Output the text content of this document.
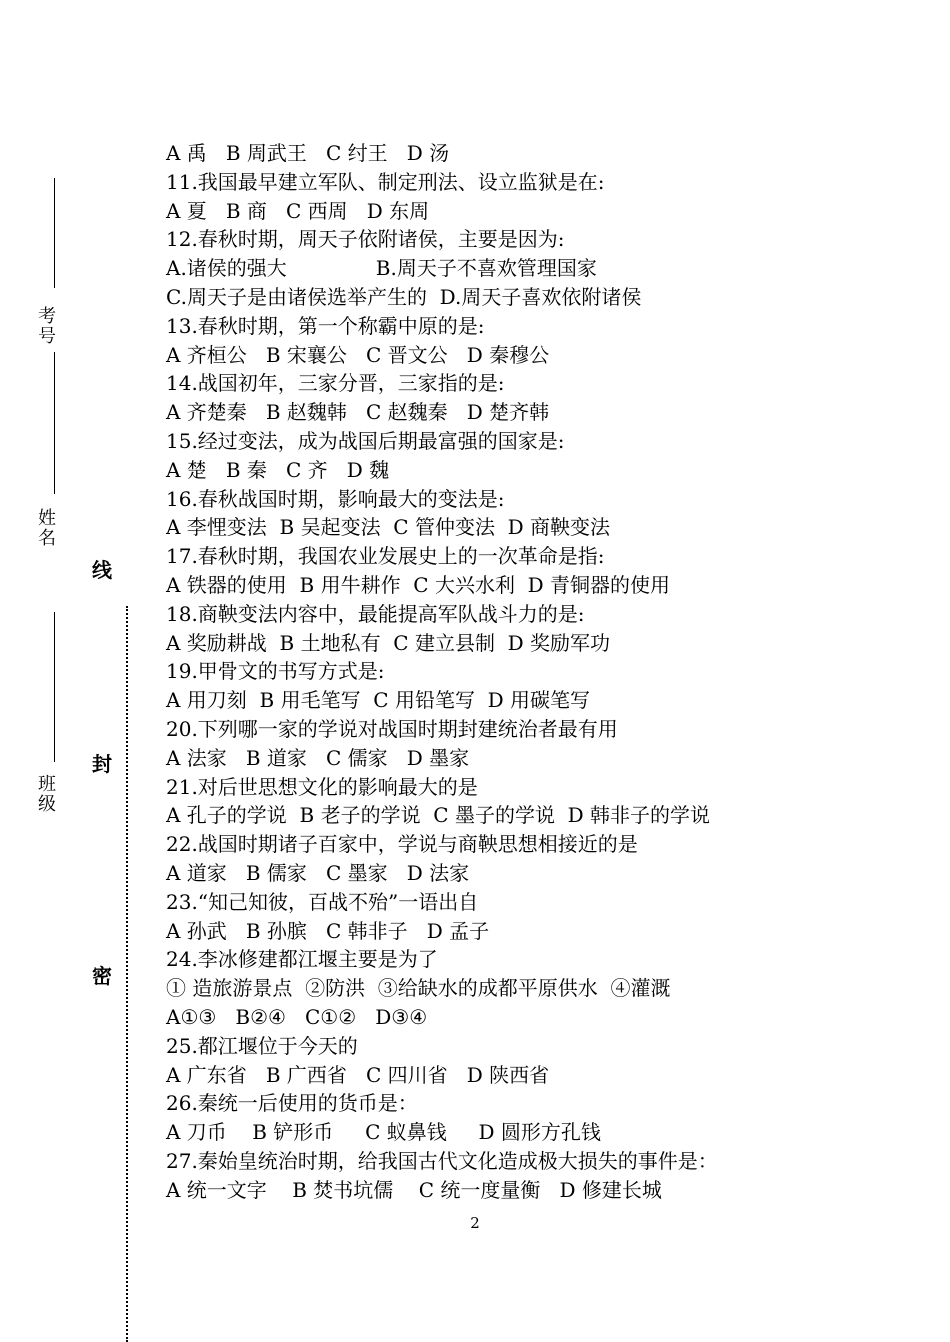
考号
姓名
班级
线
封
密
A 禹   B 周武王   C 纣王   D 汤
11.我国最早建立军队、制定刑法、设立监狱是在:
A 夏   B 商   C 西周   D 东周
12.春秋时期，周天子依附诸侯，主要是因为:
A.诸侯的强大              B.周天子不喜欢管理国家
C.周天子是由诸侯选举产生的  D.周天子喜欢依附诸侯
13.春秋时期，第一个称霸中原的是:
A 齐桓公   B 宋襄公   C 晋文公   D 秦穆公
14.战国初年，三家分晋，三家指的是:
A 齐楚秦   B 赵魏韩   C 赵魏秦   D 楚齐韩
15.经过变法，成为战国后期最富强的国家是:
A 楚   B 秦   C 齐   D 魏
16.春秋战国时期，影响最大的变法是:
A 李悝变法  B 吴起变法  C 管仲变法  D 商鞅变法
17.春秋时期，我国农业发展史上的一次革命是指:
A 铁器的使用  B 用牛耕作  C 大兴水利  D 青铜器的使用
18.商鞅变法内容中，最能提高军队战斗力的是:
A 奖励耕战  B 土地私有  C 建立县制  D 奖励军功
19.甲骨文的书写方式是:
A 用刀刻  B 用毛笔写  C 用铅笔写  D 用碳笔写
20.下列哪一家的学说对战国时期封建统治者最有用
A 法家   B 道家   C 儒家   D 墨家
21.对后世思想文化的影响最大的是
A 孔子的学说  B 老子的学说  C 墨子的学说  D 韩非子的学说
22.战国时期诸子百家中，学说与商鞅思想相接近的是
A 道家   B 儒家   C 墨家   D 法家
23.“知己知彼，百战不殆”一语出自
A 孙武   B 孙膑   C 韩非子   D 孟子
24.李冰修建都江堰主要是为了
① 造旅游景点  ②防洪  ③给缺水的成都平原供水  ④灌溉
A①③   B②④   C①②   D③④
25.都江堰位于今天的
A 广东省   B 广西省   C 四川省   D 陕西省
26.秦统一后使用的货币是：
A 刀币    B 铲形币     C 蚁鼻钱     D 圆形方孔钱
27.秦始皇统治时期，给我国古代文化造成极大损失的事件是：
A 统一文字    B 焚书坑儒    C 统一度量衡   D 修建长城
2
